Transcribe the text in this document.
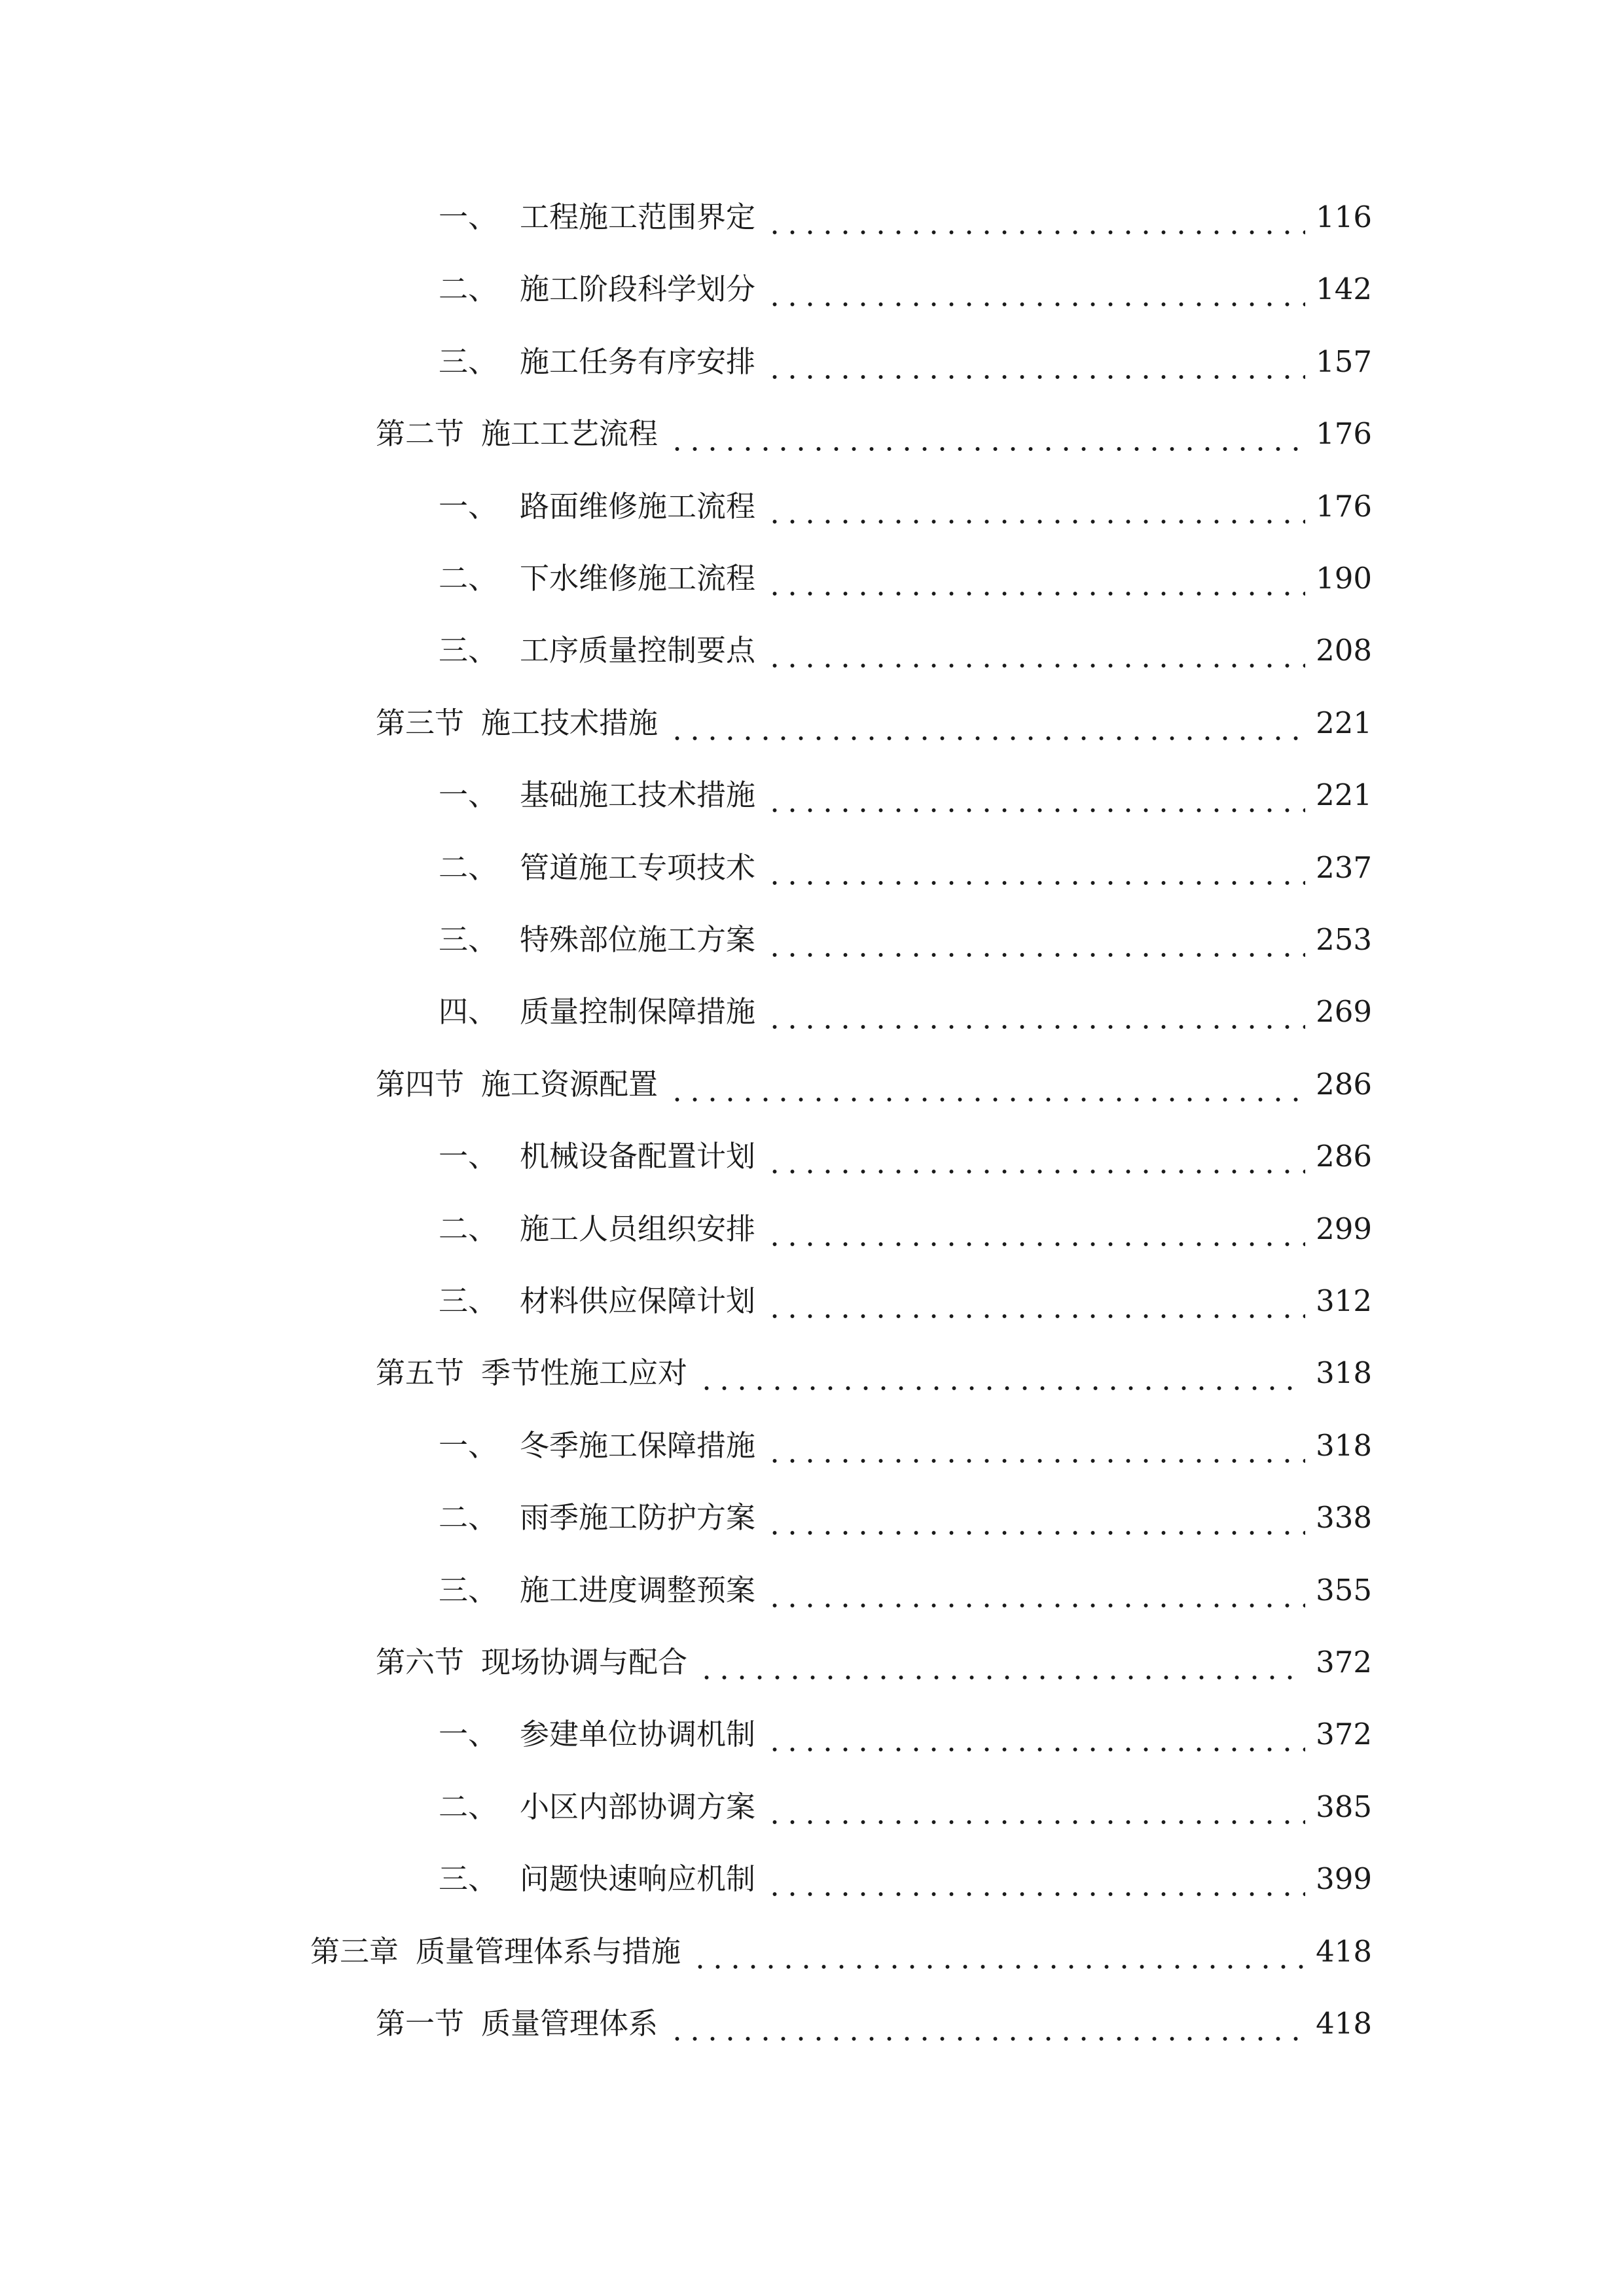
一、 工程施工范围界定	116
二、 施工阶段科学划分	142
三、 施工任务有序安排	157
第二节 施工工艺流程	176
一、 路面维修施工流程	176
二、 下水维修施工流程	190
三、 工序质量控制要点	208
第三节 施工技术措施	221
一、 基础施工技术措施	221
二、 管道施工专项技术	237
三、 特殊部位施工方案	253
四、 质量控制保障措施	269
第四节 施工资源配置	286
一、 机械设备配置计划	286
二、 施工人员组织安排	299
三、 材料供应保障计划	312
第五节 季节性施工应对	318
一、 冬季施工保障措施	318
二、 雨季施工防护方案	338
三、 施工进度调整预案	355
第六节 现场协调与配合	372
一、 参建单位协调机制	372
二、 小区内部协调方案	385
三、 问题快速响应机制	399
第三章 质量管理体系与措施	418
第一节 质量管理体系	418
